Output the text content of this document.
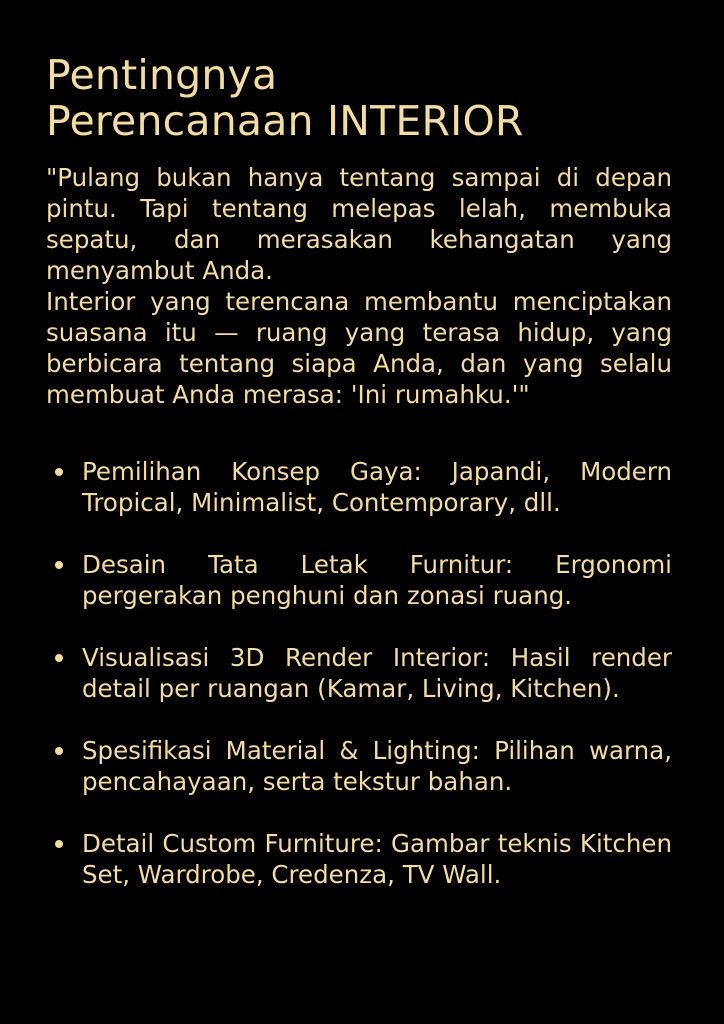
Pentingnya
Perencanaan INTERIOR

"Pulang bukan hanya tentang sampai di depan pintu. Tapi tentang melepas lelah, membuka sepatu, dan merasakan kehangatan yang menyambut Anda.

Interior yang terencana membantu menciptakan suasana itu — ruang yang terasa hidup, yang berbicara tentang siapa Anda, dan yang selalu membuat Anda merasa: 'Ini rumahku.'"

Pemilihan Konsep Gaya: Japandi, Modern Tropical, Minimalist, Contemporary, dll.
Desain Tata Letak Furnitur: Ergonomi pergerakan penghuni dan zonasi ruang.
Visualisasi 3D Render Interior: Hasil render detail per ruangan (Kamar, Living, Kitchen).
Spesifikasi Material & Lighting: Pilihan warna, pencahayaan, serta tekstur bahan.
Detail Custom Furniture: Gambar teknis Kitchen Set, Wardrobe, Credenza, TV Wall.
